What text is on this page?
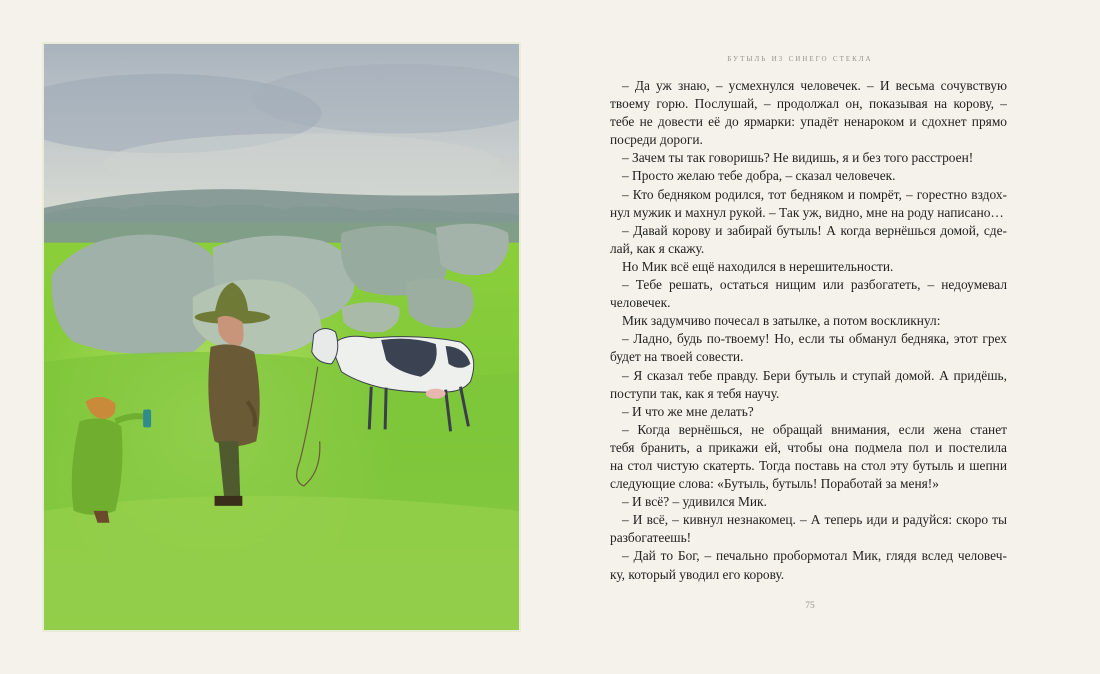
бутыль из синего стекла

– Да уж знаю, – усмехнулся человечек. – И весьма сочувствую

твоему горю. Послушай, – продолжал он, показывая на корову, –

тебе не довести её до ярмарки: упадёт ненароком и сдохнет прямо

посреди дороги.

– Зачем ты так говоришь? Не видишь, я и без того расстроен!

– Просто желаю тебе добра, – сказал человечек.

– Кто бедняком родился, тот бедняком и помрёт, – горестно вздох-

нул мужик и махнул рукой. – Так уж, видно, мне на роду написано…

– Давай корову и забирай бутыль! А когда вернёшься домой, сде-

лай, как я скажу.

Но Мик всё ещё находился в нерешительности.

– Тебе решать, остаться нищим или разбогатеть, – недоумевал

человечек.

Мик задумчиво почесал в затылке, а потом воскликнул:

– Ладно, будь по-твоему! Но, если ты обманул бедняка, этот грех

будет на твоей совести.

– Я сказал тебе правду. Бери бутыль и ступай домой. А придёшь,

поступи так, как я тебя научу.

– И что же мне делать?

– Когда вернёшься, не обращай внимания, если жена станет

тебя бранить, а прикажи ей, чтобы она подмела пол и постелила

на стол чистую скатерть. Тогда поставь на стол эту бутыль и шепни

следующие слова: «Бутыль, бутыль! Поработай за меня!»

– И всё? – удивился Мик.

– И всё, – кивнул незнакомец. – А теперь иди и радуйся: скоро ты

разбогатеешь!

– Дай то Бог, – печально пробормотал Мик, глядя вслед человеч-

ку, который уводил его корову.

75
